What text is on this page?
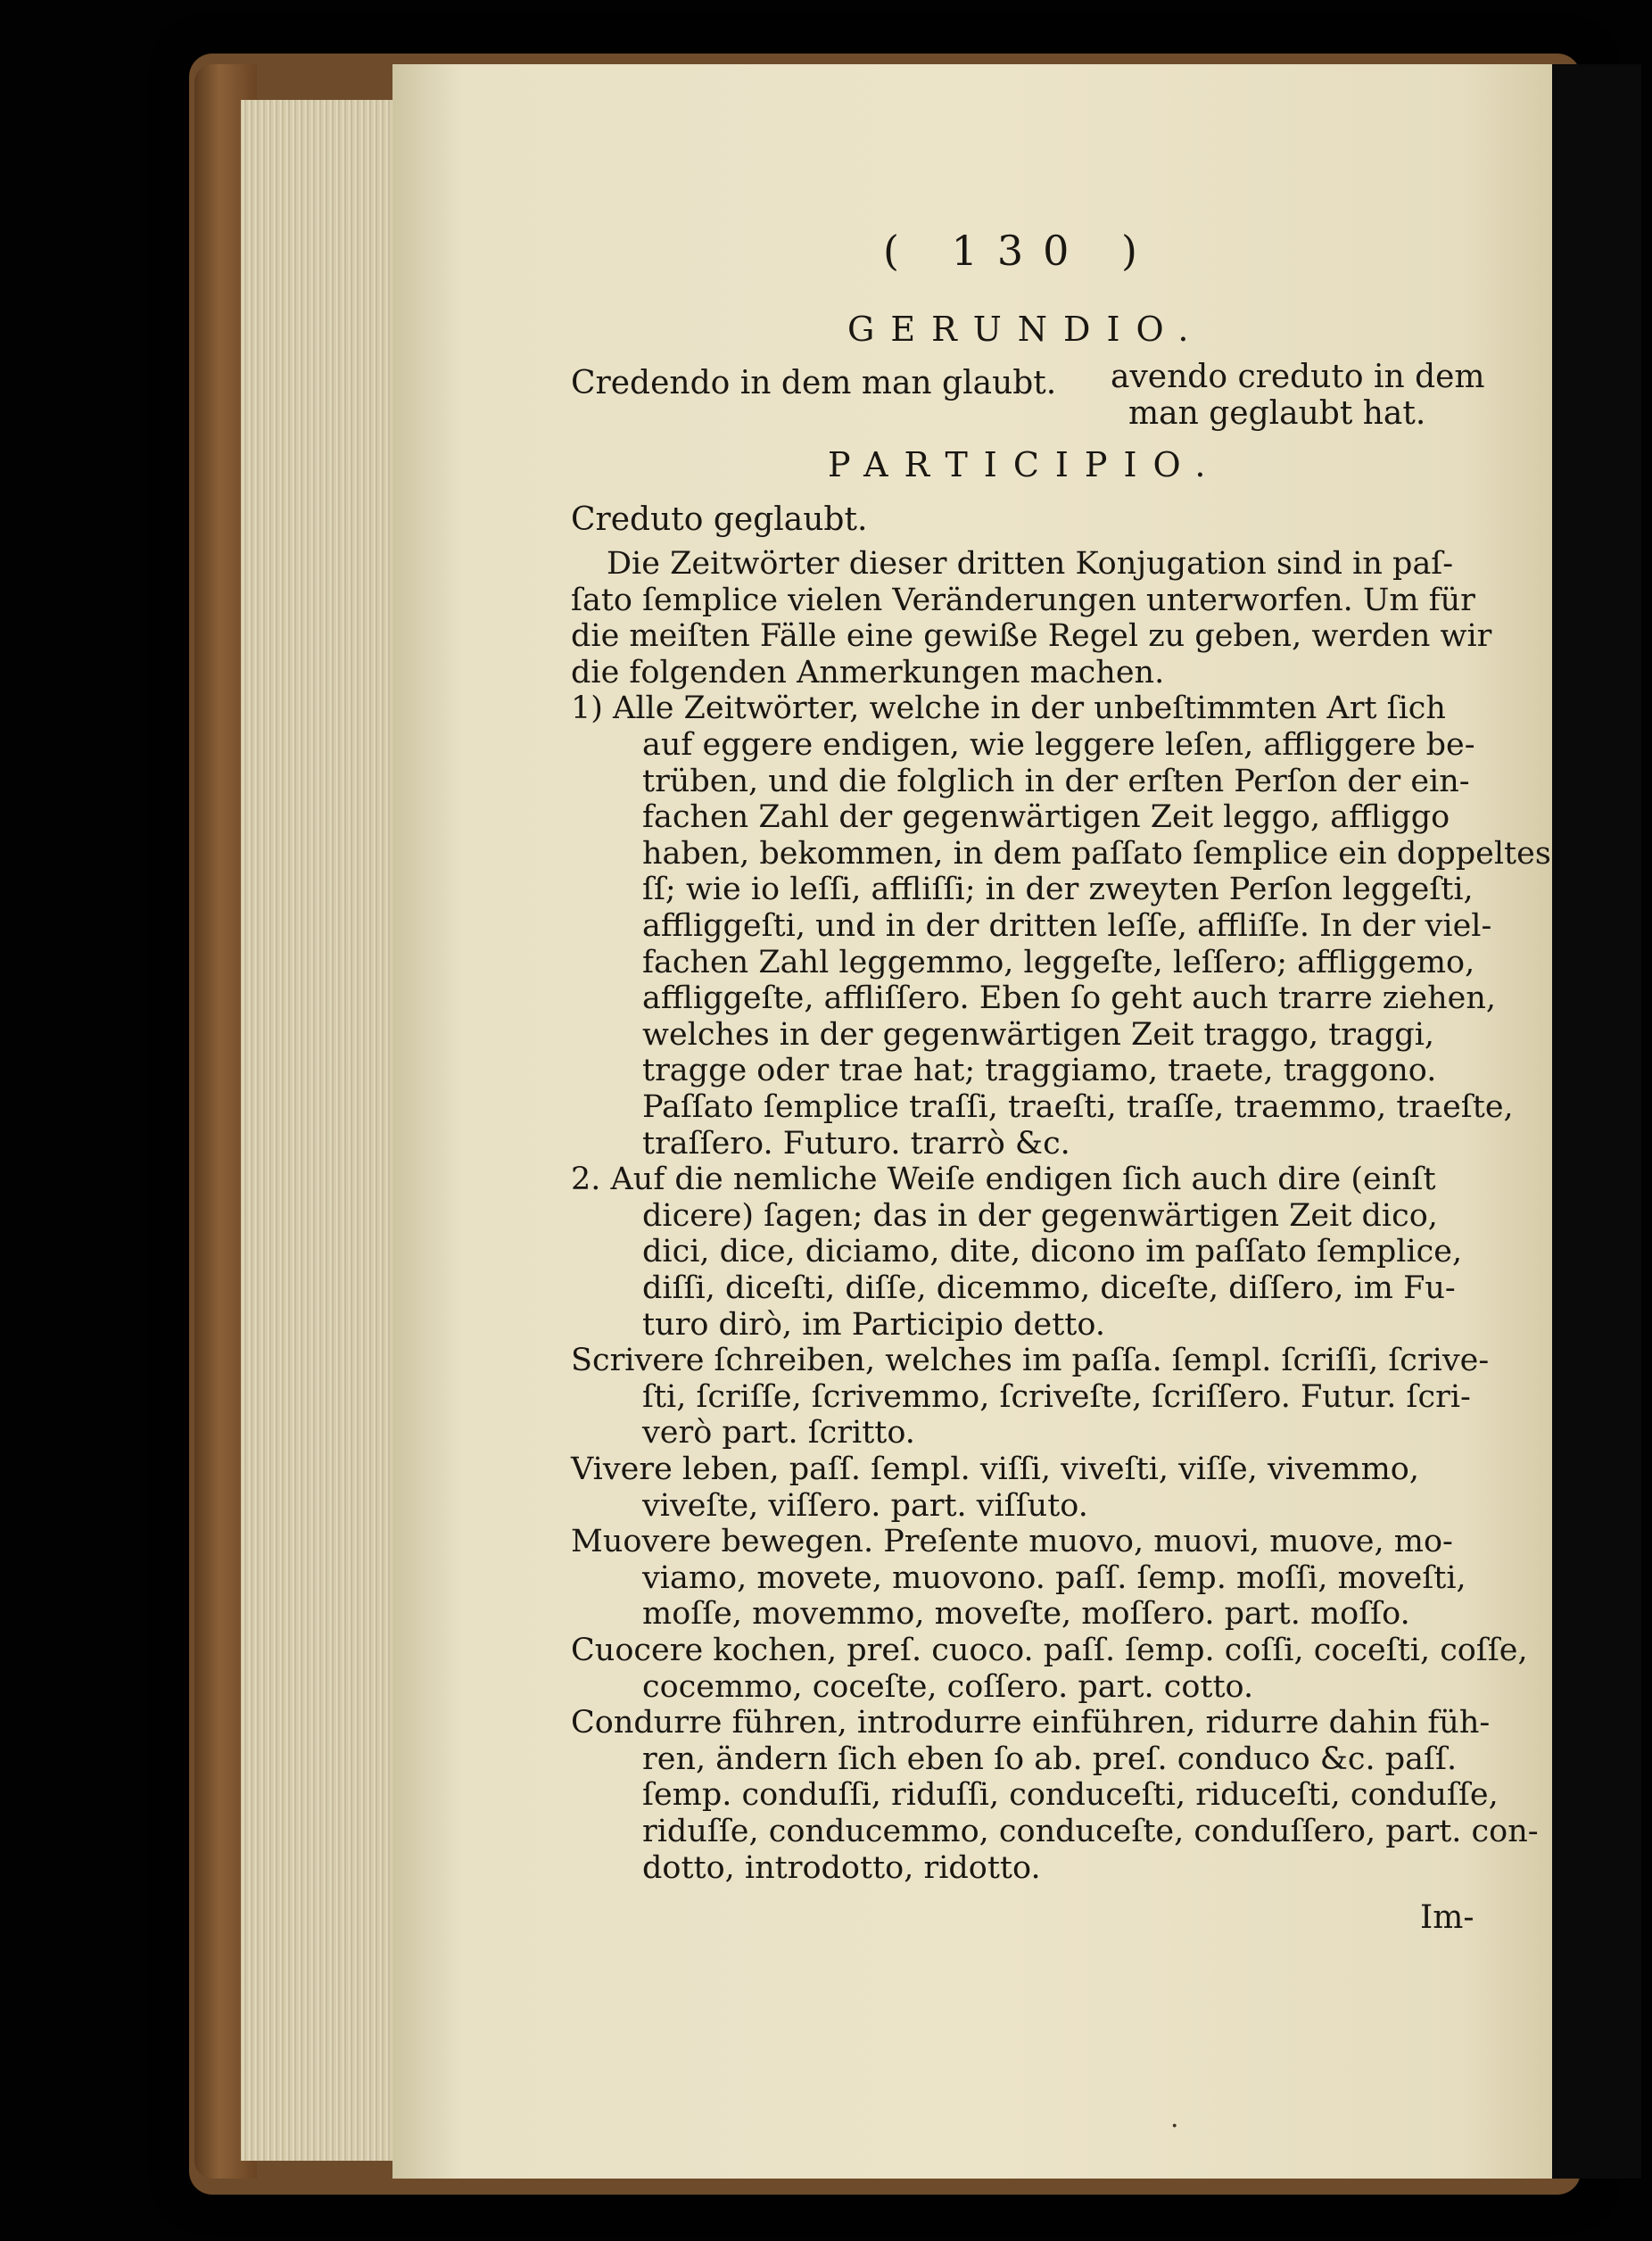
( 130 )
GERUNDIO.
Credendo in dem man glaubt. avendo creduto in dem
man geglaubt hat.
PARTICIPIO.
Creduto geglaubt.
Die Zeitwörter dieser dritten Konjugation sind in paſ-
ſato ſemplice vielen Veränderungen unterworfen. Um für
die meiſten Fälle eine gewiße Regel zu geben, werden wir
die folgenden Anmerkungen machen.
1) Alle Zeitwörter, welche in der unbeſtimmten Art ſich
auf eggere endigen, wie leggere leſen, affliggere be-
trüben, und die folglich in der erſten Perſon der ein-
fachen Zahl der gegenwärtigen Zeit leggo, affliggo
haben, bekommen, in dem paſſato ſemplice ein doppeltes
ſſ; wie io leſſi, affliſſi; in der zweyten Perſon leggeſti,
affliggeſti, und in der dritten leſſe, affliſſe. In der viel-
fachen Zahl leggemmo, leggeſte, leſſero; affliggemo,
affliggeſte, affliſſero. Eben ſo geht auch trarre ziehen,
welches in der gegenwärtigen Zeit traggo, traggi,
tragge oder trae hat; traggiamo, traete, traggono.
Paſſato ſemplice traſſi, traeſti, traſſe, traemmo, traeſte,
traſſero. Futuro. trarrò &c.
2. Auf die nemliche Weiſe endigen ſich auch dire (einſt
dicere) ſagen; das in der gegenwärtigen Zeit dico,
dici, dice, diciamo, dite, dicono im paſſato ſemplice,
diſſi, diceſti, diſſe, dicemmo, diceſte, diſſero, im Fu-
turo dirò, im Participio detto.
Scrivere ſchreiben, welches im paſſa. ſempl. ſcriſſi, ſcrive-
ſti, ſcriſſe, ſcrivemmo, ſcriveſte, ſcriſſero. Futur. ſcri-
verò part. ſcritto.
Vivere leben, paſſ. ſempl. viſſi, viveſti, viſſe, vivemmo,
viveſte, viſſero. part. viſſuto.
Muovere bewegen. Preſente muovo, muovi, muove, mo-
viamo, movete, muovono. paſſ. ſemp. moſſi, moveſti,
moſſe, movemmo, moveſte, moſſero. part. moſſo.
Cuocere kochen, preſ. cuoco. paſſ. ſemp. coſſi, coceſti, coſſe,
cocemmo, coceſte, coſſero. part. cotto.
Condurre führen, introdurre einführen, ridurre dahin füh-
ren, ändern ſich eben ſo ab. preſ. conduco &c. paſſ.
ſemp. conduſſi, riduſſi, conduceſti, riduceſti, conduſſe,
riduſſe, conducemmo, conduceſte, conduſſero, part. con-
dotto, introdotto, ridotto.
Im-
·
